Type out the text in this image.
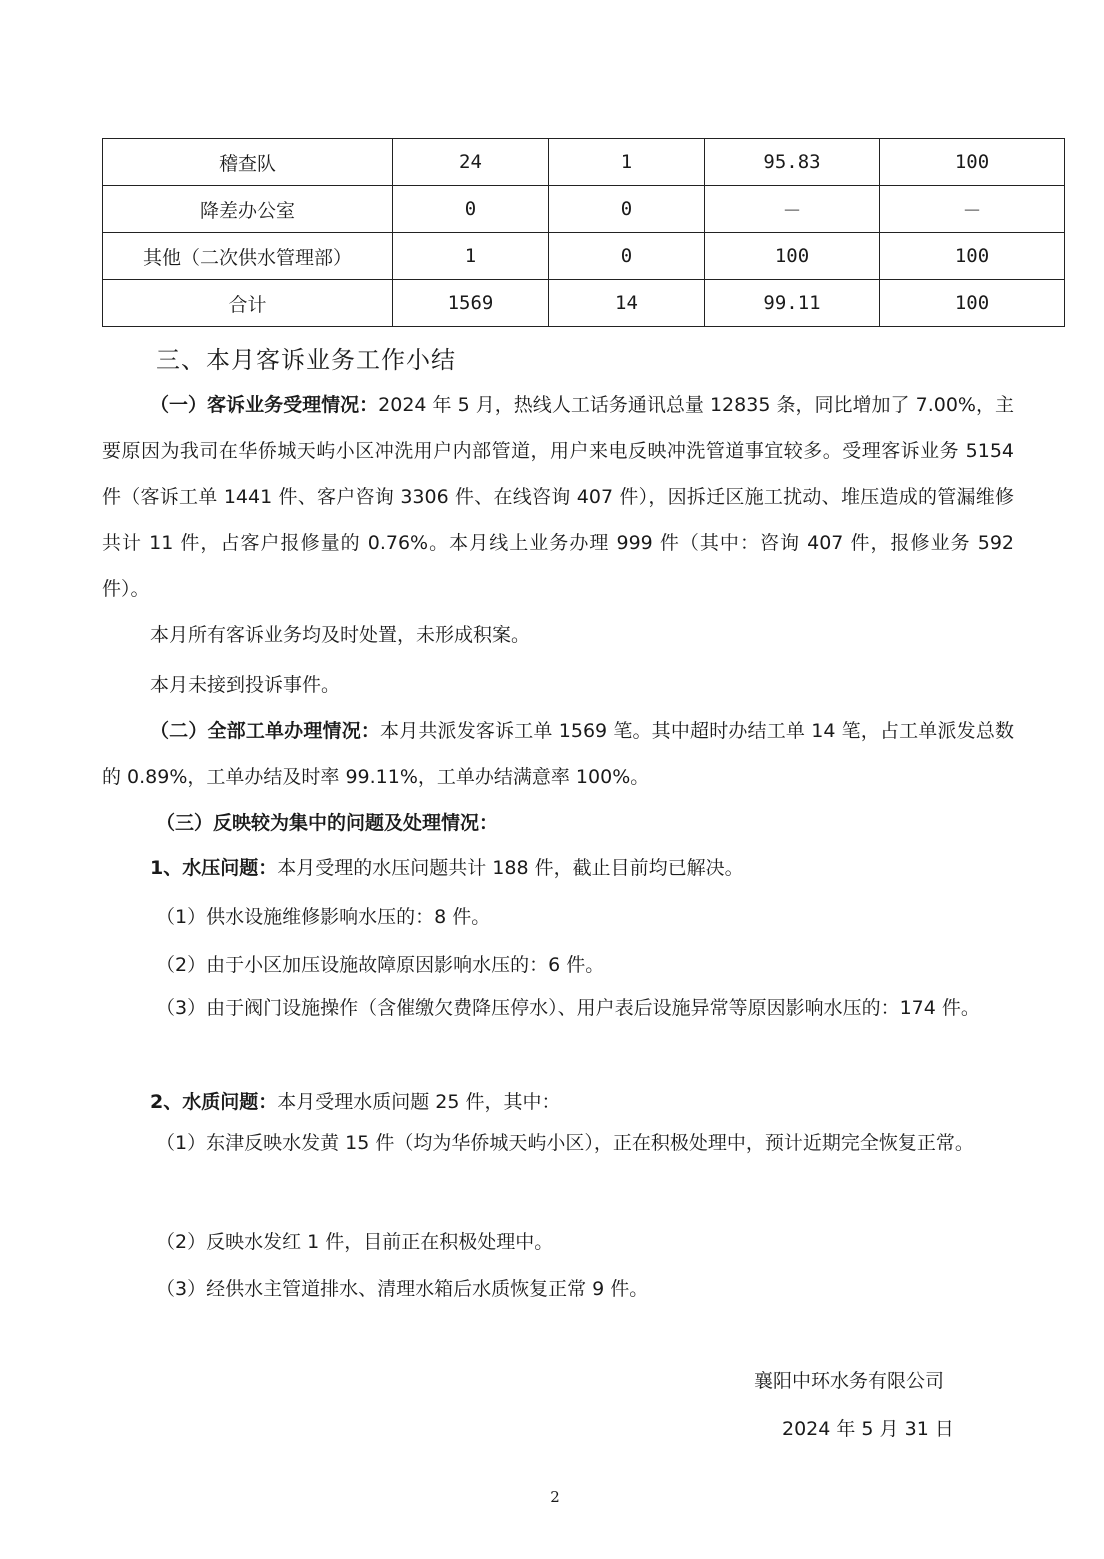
稽查队	24	1	95.83	100
降差办公室	0	0	－	－
其他（二次供水管理部）	1	0	100	100
合计	1569	14	99.11	100
三、本月客诉业务工作小结

（一）客诉业务受理情况：2024 年 5 月，热线人工话务通讯总量 12835 条，同比增加了 7.00%，主要原因为我司在华侨城天屿小区冲洗用户内部管道，用户来电反映冲洗管道事宜较多。受理客诉业务 5154 件（客诉工单 1441 件、客户咨询 3306 件、在线咨询 407 件），因拆迁区施工扰动、堆压造成的管漏维修共计 11 件，占客户报修量的 0.76%。本月线上业务办理 999 件（其中：咨询 407 件，报修业务 592 件）。

本月所有客诉业务均及时处置，未形成积案。

本月未接到投诉事件。

（二）全部工单办理情况：本月共派发客诉工单 1569 笔。其中超时办结工单 14 笔，占工单派发总数的 0.89%，工单办结及时率 99.11%，工单办结满意率 100%。

（三）反映较为集中的问题及处理情况：

1、水压问题：本月受理的水压问题共计 188 件，截止目前均已解决。

（1）供水设施维修影响水压的：8 件。

（2）由于小区加压设施故障原因影响水压的：6 件。

（3）由于阀门设施操作（含催缴欠费降压停水）、用户表后设施异常等原因影响水压的：174 件。

2、水质问题：本月受理水质问题 25 件，其中：

（1）东津反映水发黄 15 件（均为华侨城天屿小区），正在积极处理中，预计近期完全恢复正常。

（2）反映水发红 1 件，目前正在积极处理中。

（3）经供水主管道排水、清理水箱后水质恢复正常 9 件。

襄阳中环水务有限公司

2024 年 5 月 31 日

2
